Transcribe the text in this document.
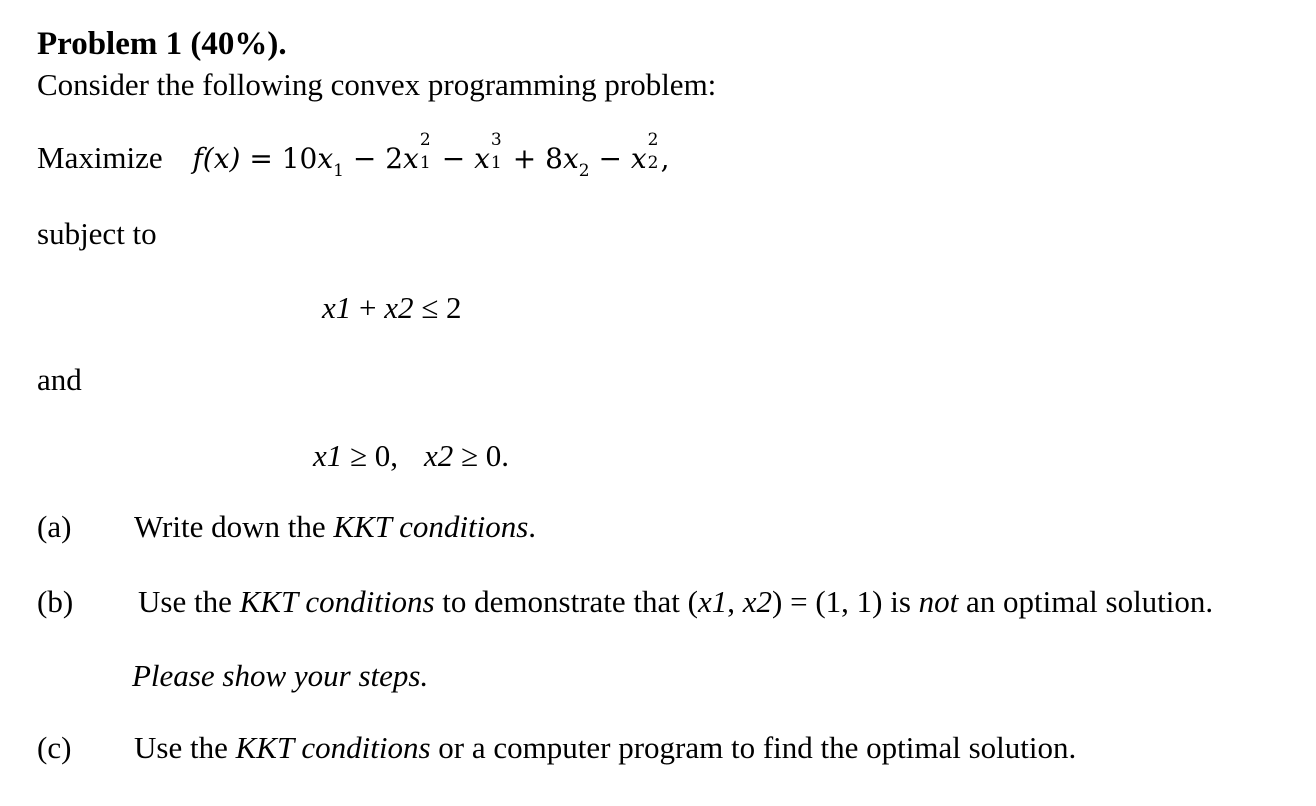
Problem 1 (40%).
Consider the following convex programming problem:
Maximize $f(x) = 10x_1 - 2x$
2
1 − x
3
$1 + 8x_2 - x$
2
2 ,
subject to
x1 + x2 ≤ 2
and
x1 ≥ 0, x2 ≥ 0.
(a) Write down the KKT conditions.
(b) Use the KKT conditions to demonstrate that (x1, x2) = (1, 1) is not an optimal solution.
Please show your steps.
(c) Use the KKT conditions or a computer program to find the optimal solution.
